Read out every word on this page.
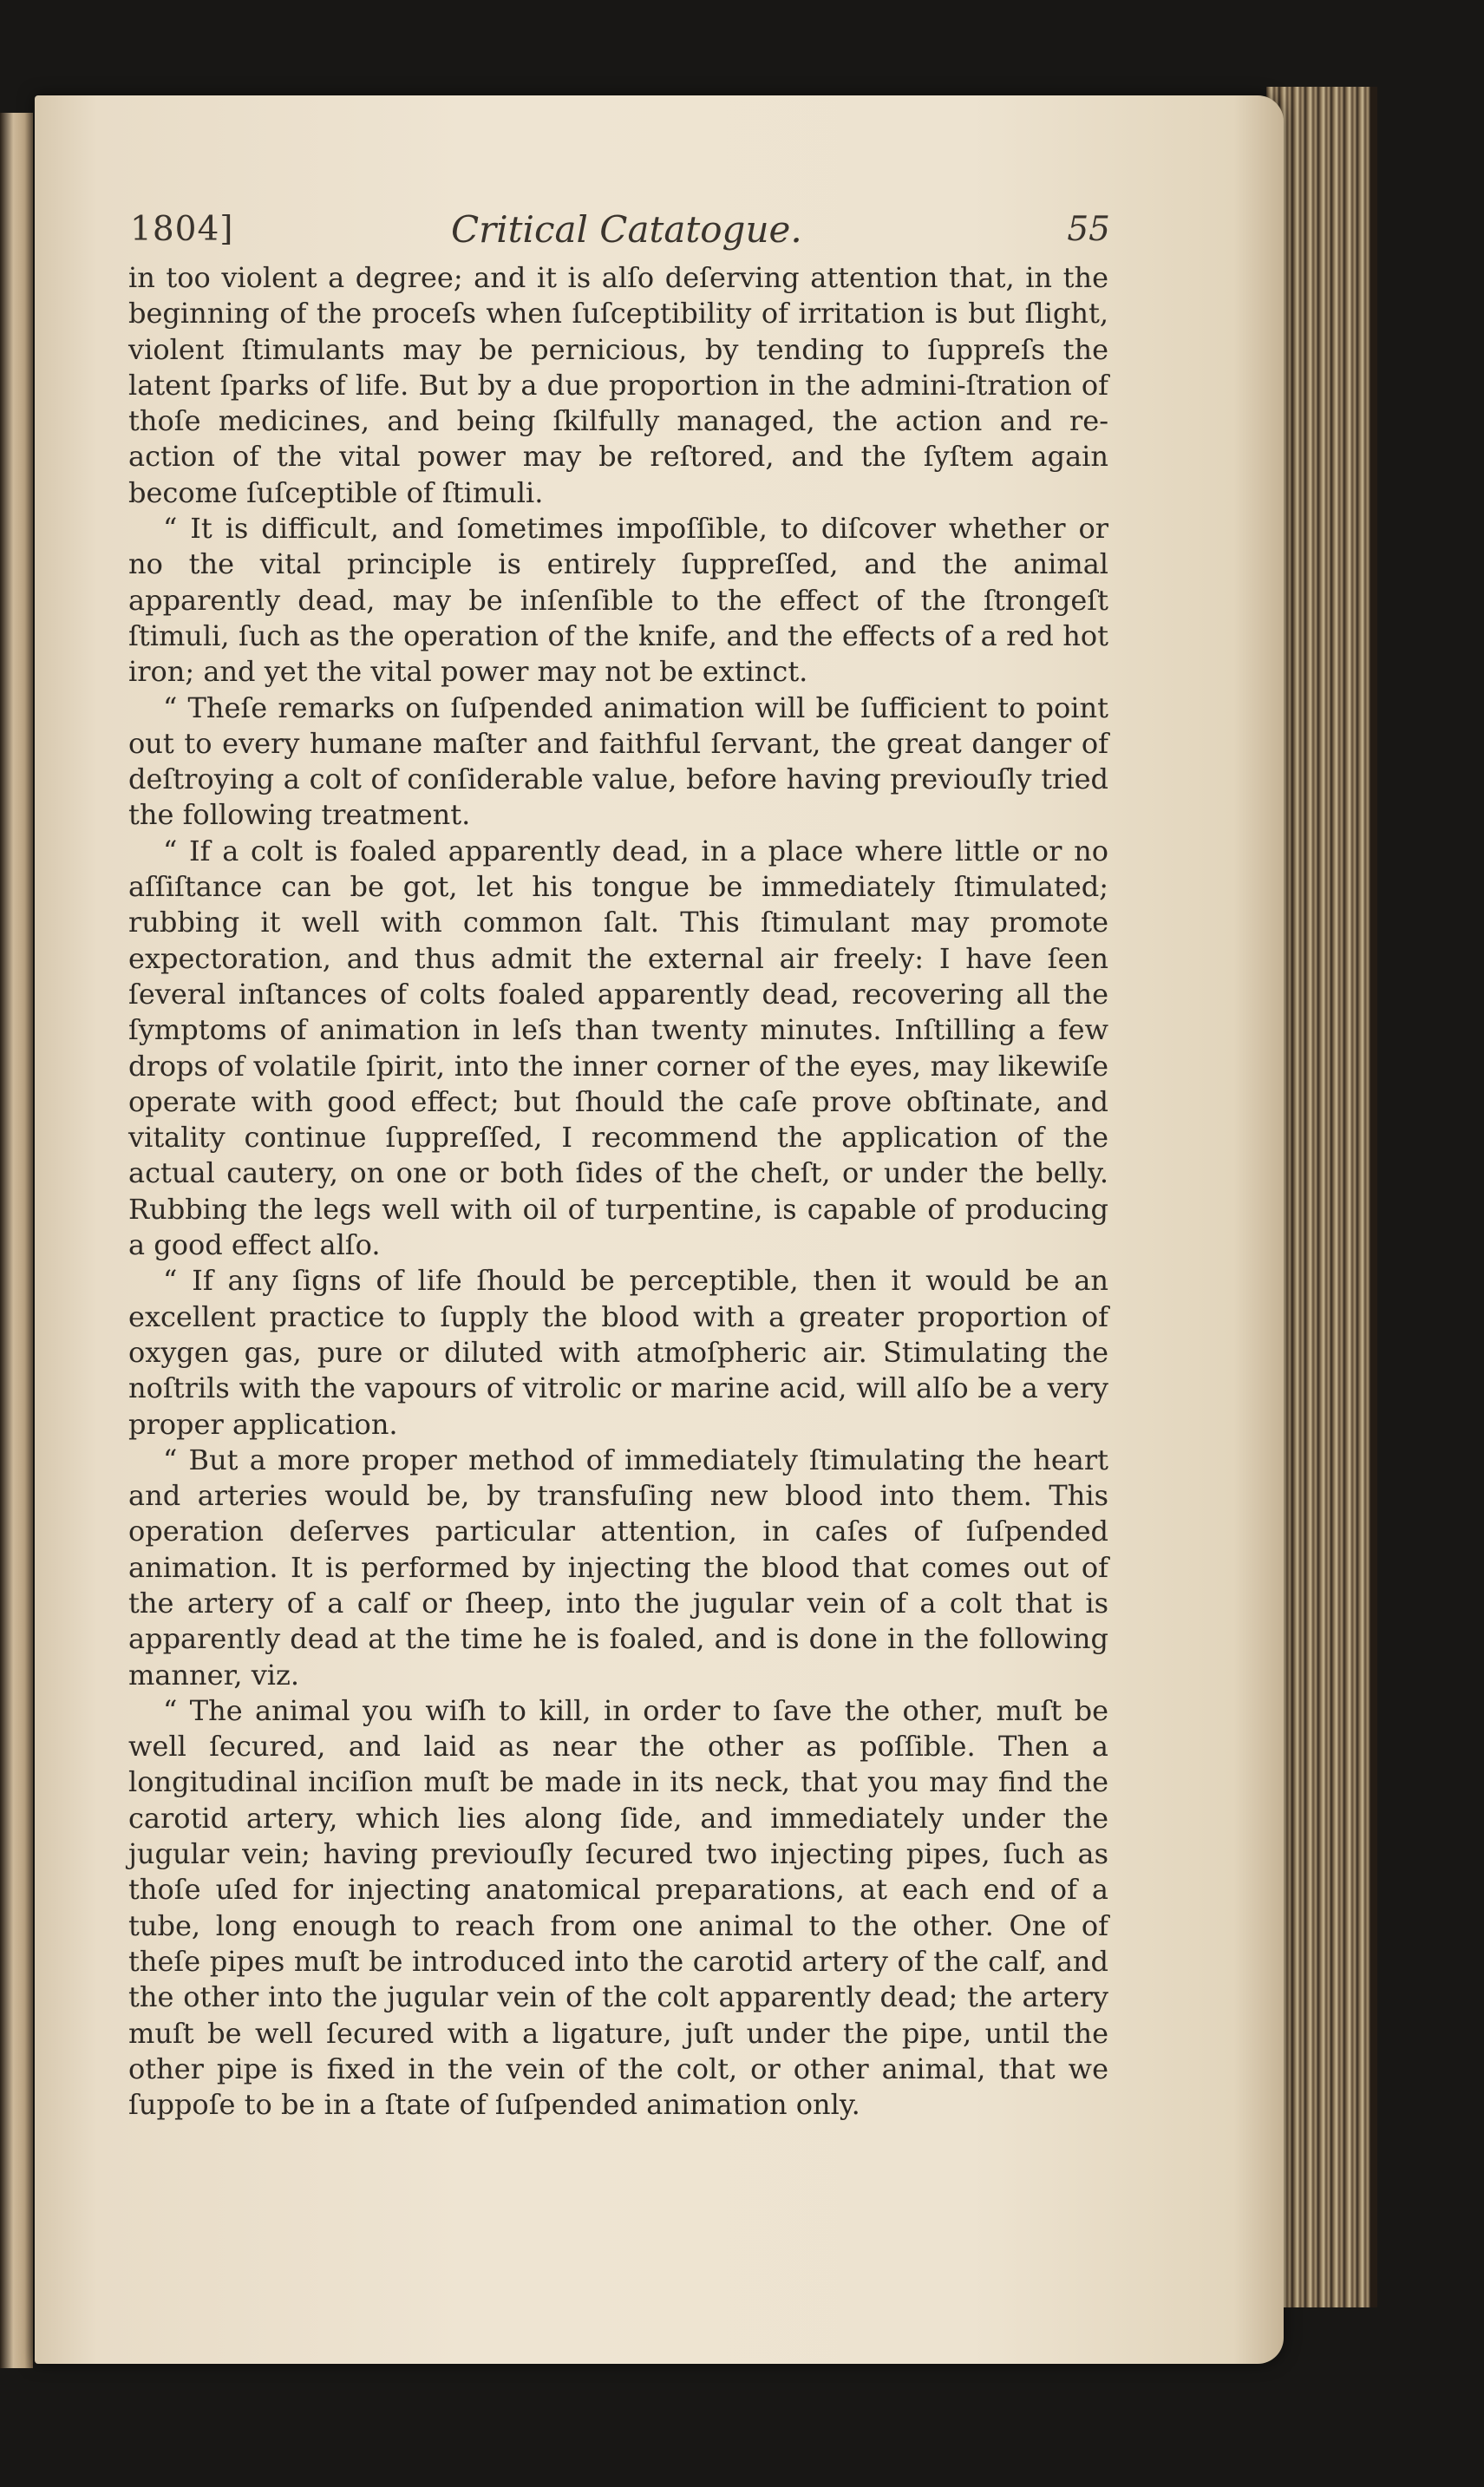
1804]	Critical Catatogue.	55

in too violent a degree; and it is alſo deſerving attention that, in the beginning of the proceſs when ſuſceptibility of irritation is but ſlight, violent ſtimulants may be pernicious, by tending to ſuppreſs the latent ſparks of life. But by a due proportion in the admini-ſtration of thoſe medicines, and being ſkilfully managed, the action and re-action of the vital power may be reſtored, and the ſyſtem again become ſuſceptible of ſtimuli.

“ It is difficult, and ſometimes impoſſible, to diſcover whether or no the vital principle is entirely ſuppreſſed, and the animal apparently dead, may be inſenſible to the effect of the ſtrongeſt ſtimuli, ſuch as the operation of the knife, and the effects of a red hot iron; and yet the vital power may not be extinct.

“ Theſe remarks on ſuſpended animation will be ſufficient to point out to every humane maſter and faithful ſervant, the great danger of deſtroying a colt of conſiderable value, before having previouſly tried the following treatment.

“ If a colt is foaled apparently dead, in a place where little or no aſſiſtance can be got, let his tongue be immediately ſtimulated; rubbing it well with common ſalt. This ſtimulant may promote expectoration, and thus admit the external air freely: I have ſeen ſeveral inſtances of colts foaled apparently dead, recovering all the ſymptoms of animation in leſs than twenty minutes. Inſtilling a few drops of volatile ſpirit, into the inner corner of the eyes, may likewiſe operate with good effect; but ſhould the caſe prove obſtinate, and vitality continue ſuppreſſed, I recommend the application of the actual cautery, on one or both ſides of the cheſt, or under the belly. Rubbing the legs well with oil of turpentine, is capable of producing a good effect alſo.

“ If any ſigns of life ſhould be perceptible, then it would be an excellent practice to ſupply the blood with a greater proportion of oxygen gas, pure or diluted with atmoſpheric air. Stimulating the noſtrils with the vapours of vitrolic or marine acid, will alſo be a very proper application.

“ But a more proper method of immediately ſtimulating the heart and arteries would be, by transfuſing new blood into them. This operation deſerves particular attention, in caſes of ſuſpended animation. It is performed by injecting the blood that comes out of the artery of a calf or ſheep, into the jugular vein of a colt that is apparently dead at the time he is foaled, and is done in the following manner, viz.

“ The animal you wiſh to kill, in order to ſave the other, muſt be well ſecured, and laid as near the other as poſſible. Then a longitudinal inciſion muſt be made in its neck, that you may find the carotid artery, which lies along ſide, and immediately under the jugular vein; having previouſly ſecured two injecting pipes, ſuch as thoſe uſed for injecting anatomical preparations, at each end of a tube, long enough to reach from one animal to the other. One of theſe pipes muſt be introduced into the carotid artery of the calf, and the other into the jugular vein of the colt apparently dead; the artery muſt be well ſecured with a ligature, juſt under the pipe, until the other pipe is fixed in the vein of the colt, or other animal, that we ſuppoſe to be in a ſtate of ſuſpended animation only.
